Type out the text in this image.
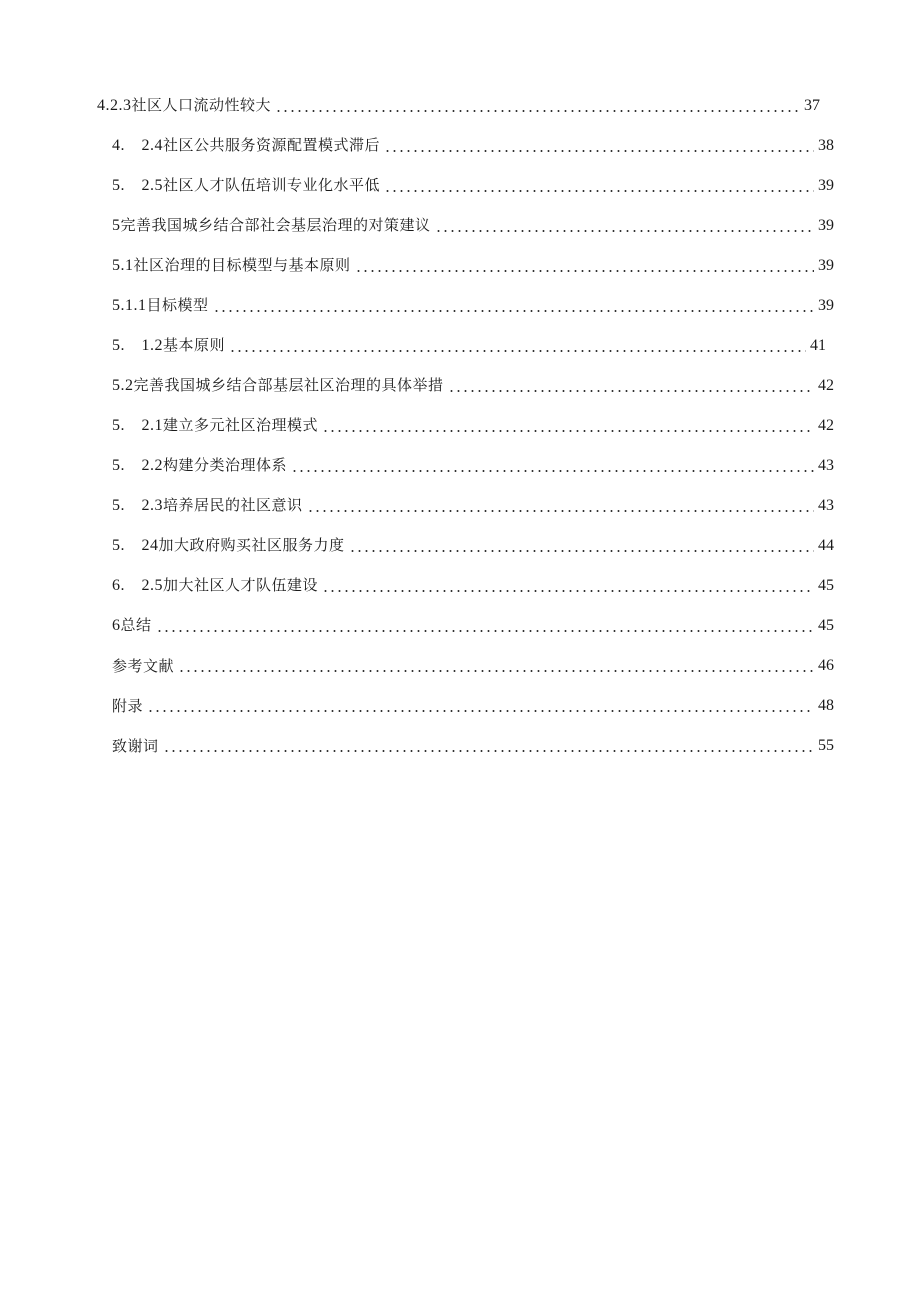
4.2.3社区人口流动性较大	37
4. 2.4社区公共服务资源配置模式滞后	38
5. 2.5社区人才队伍培训专业化水平低	39
5完善我国城乡结合部社会基层治理的对策建议	39
5.1社区治理的目标模型与基本原则	39
5.1.1目标模型	39
5. 1.2基本原则	41
5.2完善我国城乡结合部基层社区治理的具体举措	42
5. 2.1建立多元社区治理模式	42
5. 2.2构建分类治理体系	43
5. 2.3培养居民的社区意识	43
5. 24加大政府购买社区服务力度	44
6. 2.5加大社区人才队伍建设	45
6总结	45
参考文献	46
附录	48
致谢词	55
